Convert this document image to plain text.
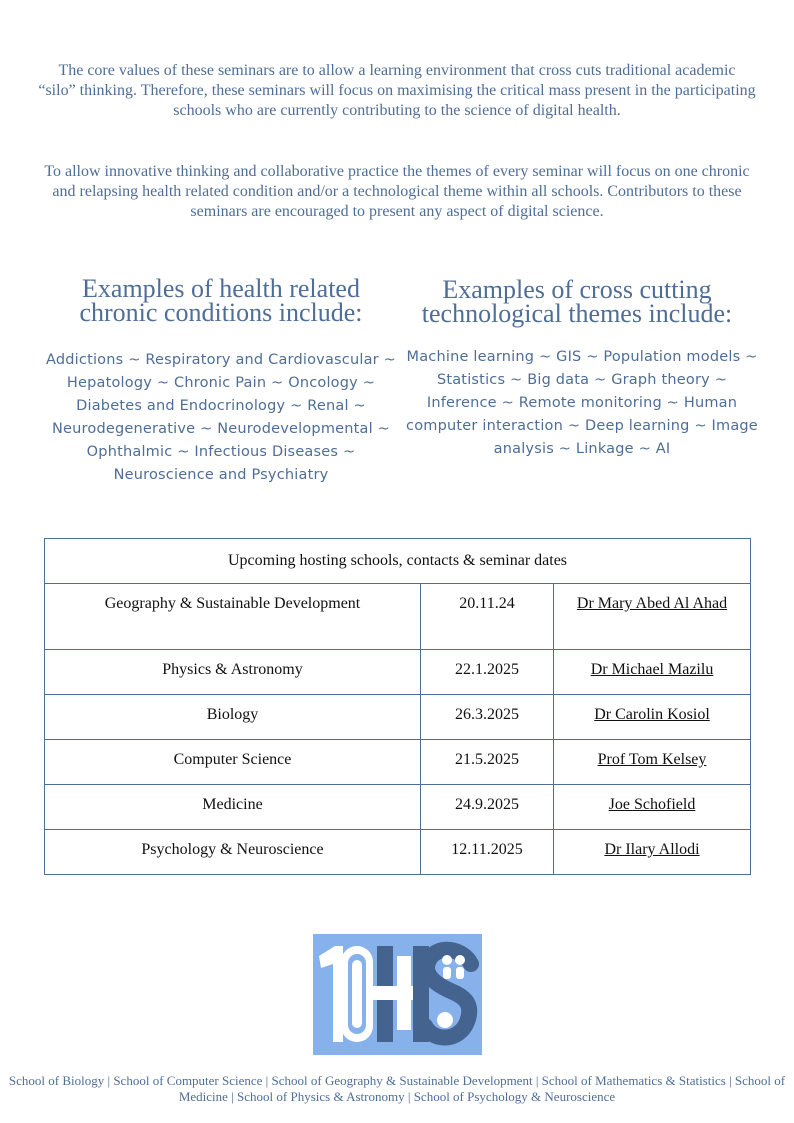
The core values of these seminars are to allow a learning environment that cross cuts traditional academic “silo” thinking. Therefore, these seminars will focus on maximising the critical mass present in the participating schools who are currently contributing to the science of digital health.
To allow innovative thinking and collaborative practice the themes of every seminar will focus on one chronic and relapsing health related condition and/or a technological theme within all schools. Contributors to these seminars are encouraged to present any aspect of digital science.
Examples of health related chronic conditions include:
Addictions ~ Respiratory and Cardiovascular ~ Hepatology ~ Chronic Pain ~ Oncology ~ Diabetes and Endocrinology ~ Renal ~ Neurodegenerative ~ Neurodevelopmental ~ Ophthalmic ~ Infectious Diseases ~ Neuroscience and Psychiatry
Examples of cross cutting technological themes include:
Machine learning ~ GIS ~ Population models ~ Statistics ~ Big data ~ Graph theory ~ Inference ~ Remote monitoring ~ Human computer interaction ~ Deep learning ~ Image analysis ~ Linkage ~ AI
Upcoming hosting schools, contacts & seminar dates		
Geography & Sustainable Development	20.11.24	Dr Mary Abed Al Ahad
Physics & Astronomy	22.1.2025	Dr Michael Mazilu
Biology	26.3.2025	Dr Carolin Kosiol
Computer Science	21.5.2025	Prof Tom Kelsey
Medicine	24.9.2025	Joe Schofield
Psychology & Neuroscience	12.11.2025	Dr Ilary Allodi
School of Biology | School of Computer Science | School of Geography & Sustainable Development | School of Mathematics & Statistics | School of Medicine | School of Physics & Astronomy | School of Psychology & Neuroscience
